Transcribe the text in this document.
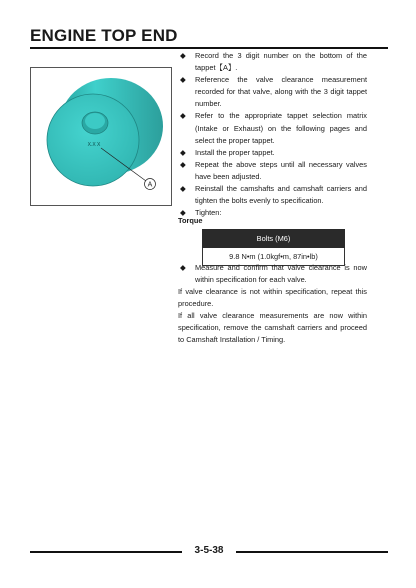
ENGINE TOP END
X.X X
A
◆ Record the 3 digit number on the bottom of the tappet【A】.
◆ Reference the valve clearance measurement recorded for that valve, along with the 3 digit tappet number.
◆ Refer to the appropriate tappet selection matrix (Intake or Exhaust) on the following pages and select the proper tappet.
◆ Install the proper tappet.
◆ Repeat the above steps until all necessary valves have been adjusted.
◆ Reinstall the camshafts and camshaft carriers and tighten the bolts evenly to specification.
◆ Tighten:

Torque

Bolts (M6)
9.8 N•m (1.0kgf•m, 87in•lb)
◆ Measure and confirm that valve clearance is now within specification for each valve.

If valve clearance is not within specification, repeat this procedure.

If all valve clearance measurements are now within specification, remove the camshaft carriers and proceed to Camshaft Installation / Timing.

3-5-38
